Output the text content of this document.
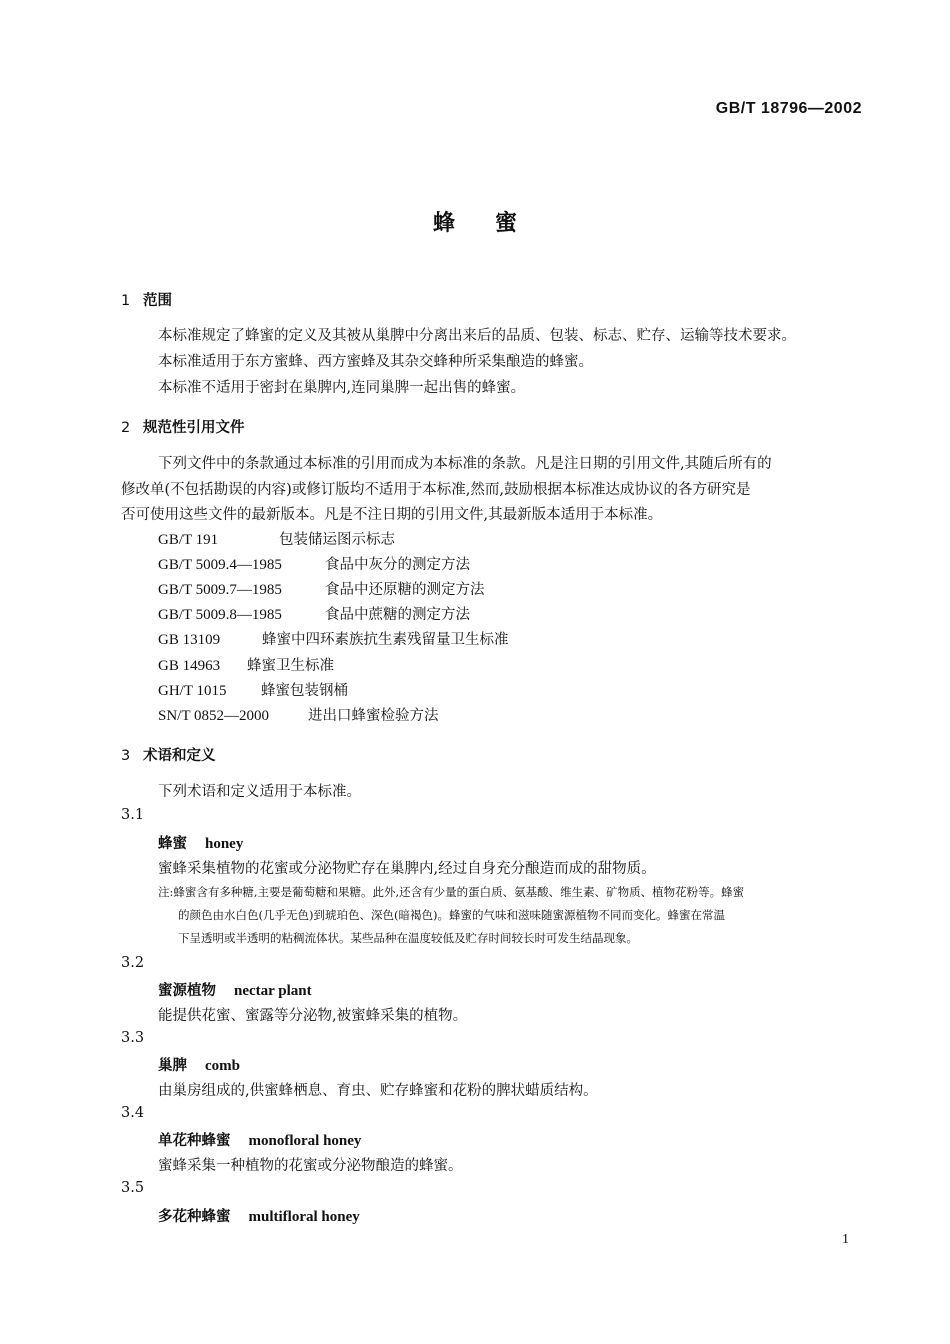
GB/T 18796—2002
蜂蜜
1 范围
本标准规定了蜂蜜的定义及其被从巢脾中分离出来后的品质、包装、标志、贮存、运输等技术要求。
本标准适用于东方蜜蜂、西方蜜蜂及其杂交蜂种所采集酿造的蜂蜜。
本标准不适用于密封在巢脾内,连同巢脾一起出售的蜂蜜。
2 规范性引用文件
下列文件中的条款通过本标准的引用而成为本标准的条款。凡是注日期的引用文件,其随后所有的
修改单(不包括勘误的内容)或修订版均不适用于本标准,然而,鼓励根据本标准达成协议的各方研究是
否可使用这些文件的最新版本。凡是不注日期的引用文件,其最新版本适用于本标准。
GB/T 191	包装储运图示标志
GB/T 5009.4—1985	食品中灰分的测定方法
GB/T 5009.7—1985	食品中还原糖的测定方法
GB/T 5009.8—1985	食品中蔗糖的测定方法
GB 13109	蜂蜜中四环素族抗生素残留量卫生标准
GB 14963 蜂蜜卫生标准
GH/T 1015 蜂蜜包装钢桶
SN/T 0852—2000	进出口蜂蜜检验方法
3 术语和定义
下列术语和定义适用于本标准。
3.1
蜂蜜 honey
蜜蜂采集植物的花蜜或分泌物贮存在巢脾内,经过自身充分酿造而成的甜物质。
注:蜂蜜含有多种糖,主要是葡萄糖和果糖。此外,还含有少量的蛋白质、氨基酸、维生素、矿物质、植物花粉等。蜂蜜
的颜色由水白色(几乎无色)到琥珀色、深色(暗褐色)。蜂蜜的气味和滋味随蜜源植物不同而变化。蜂蜜在常温
下呈透明或半透明的粘稠流体状。某些品种在温度较低及贮存时间较长时可发生结晶现象。
3.2
蜜源植物 nectar plant
能提供花蜜、蜜露等分泌物,被蜜蜂采集的植物。
3.3
巢脾 comb
由巢房组成的,供蜜蜂栖息、育虫、贮存蜂蜜和花粉的脾状蜡质结构。
3.4
单花种蜂蜜 monofloral honey
蜜蜂采集一种植物的花蜜或分泌物酿造的蜂蜜。
3.5
多花种蜂蜜 multifloral honey
1
